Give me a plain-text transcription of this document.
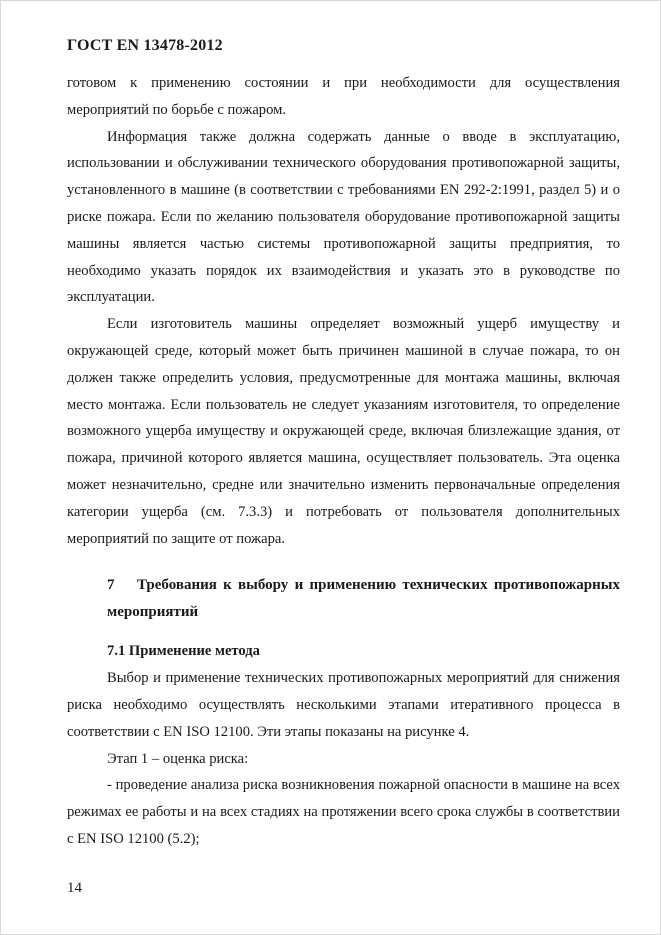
ГОСТ EN 13478-2012

готовом к применению состоянии и при необходимости для осуществления мероприятий по борьбе с пожаром.

Информация также должна содержать данные о вводе в эксплуатацию, использовании и обслуживании технического оборудования противопожарной защиты, установленного в машине (в соответствии с требованиями EN 292-2:1991, раздел 5) и о риске пожара. Если по желанию пользователя оборудование противопожарной защиты машины является частью системы противопожарной защиты предприятия, то необходимо указать порядок их взаимодействия и указать это в руководстве по эксплуатации.

Если изготовитель машины определяет возможный ущерб имуществу и окружающей среде, который может быть причинен машиной в случае пожара, то он должен также определить условия, предусмотренные для монтажа машины, включая место монтажа. Если пользователь не следует указаниям изготовителя, то определение возможного ущерба имуществу и окружающей среде, включая близлежащие здания, от пожара, причиной которого является машина, осуществляет пользователь. Эта оценка может незначительно, средне или значительно изменить первоначальные определения категории ущерба (см. 7.3.3) и потребовать от пользователя дополнительных мероприятий по защите от пожара.

7 Требования к выбору и применению технических противопожарных мероприятий
7.1 Применение метода

Выбор и применение технических противопожарных мероприятий для снижения риска необходимо осуществлять несколькими этапами итеративного процесса в соответствии с EN ISO 12100. Эти этапы показаны на рисунке 4.

Этап 1 – оценка риска:

- проведение анализа риска возникновения пожарной опасности в машине на всех режимах ее работы и на всех стадиях на протяжении всего срока службы в соответствии с EN ISO 12100 (5.2);

14
